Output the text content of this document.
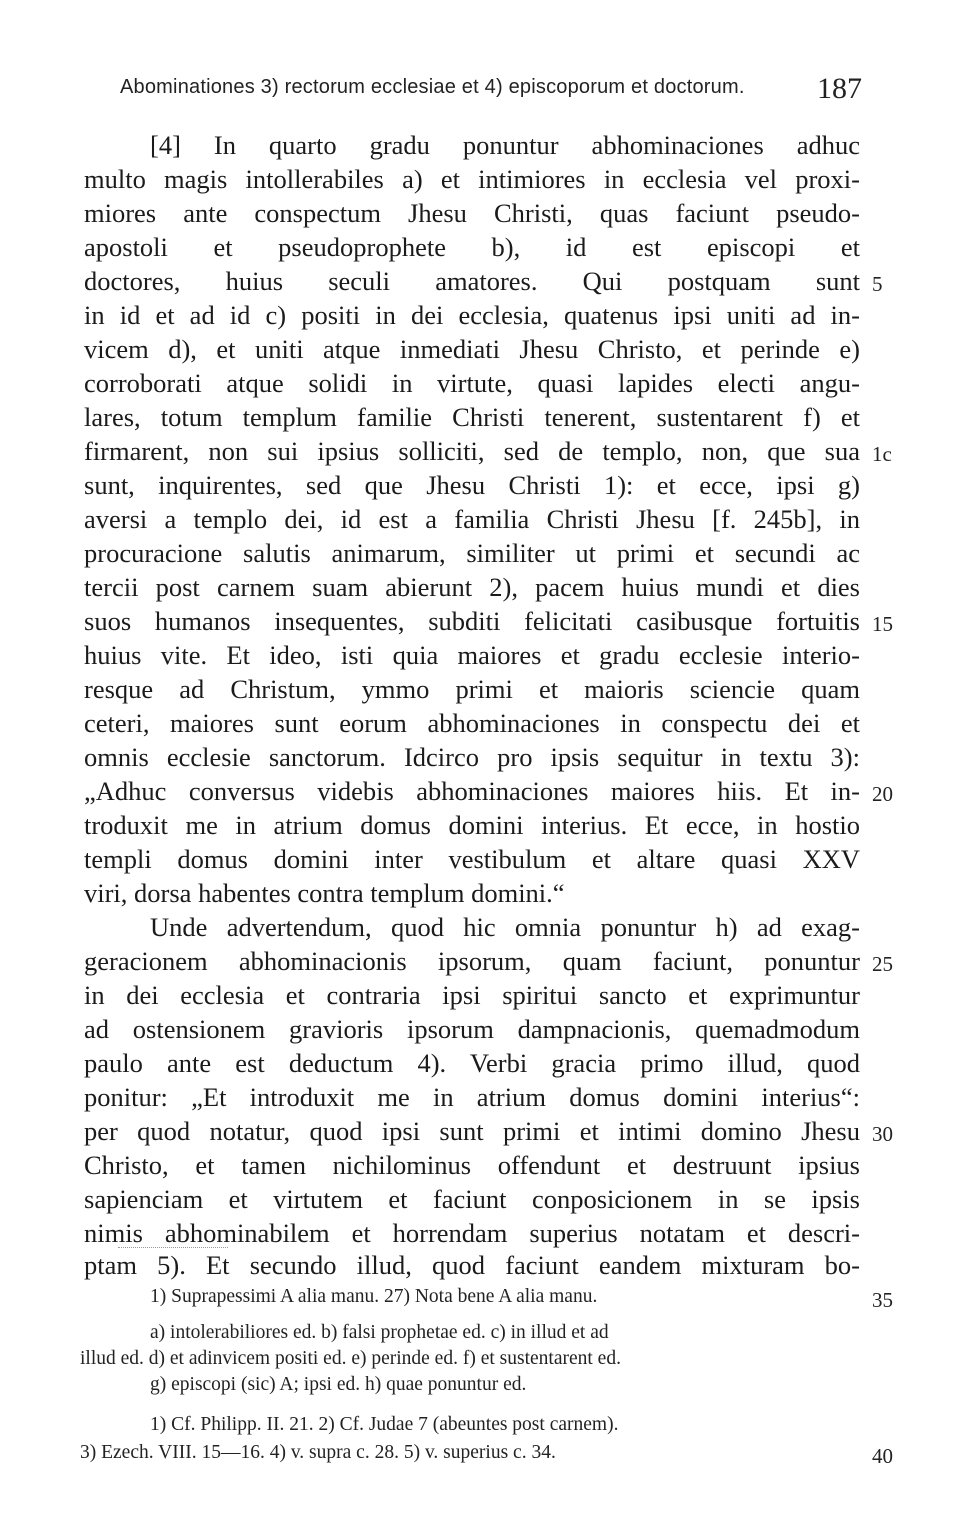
Abominationes 3) rectorum ecclesiae et 4) episcoporum et doctorum. 187
[4] In quarto gradu ponuntur abhominaciones adhuc
multo magis intollerabiles a) et intimiores in ecclesia vel proxi-
miores ante conspectum Jhesu Christi, quas faciunt pseudo-
apostoli et pseudoprophete b), id est episcopi et
doctores, huius seculi amatores. Qui postquam sunt
in id et ad id c) positi in dei ecclesia, quatenus ipsi uniti ad in-
vicem d), et uniti atque inmediati Jhesu Christo, et perinde e)
corroborati atque solidi in virtute, quasi lapides electi angu-
lares, totum templum familie Christi tenerent, sustentarent f) et
firmarent, non sui ipsius solliciti, sed de templo, non, que sua
sunt, inquirentes, sed que Jhesu Christi 1): et ecce, ipsi g)
aversi a templo dei, id est a familia Christi Jhesu [f. 245b], in
procuracione salutis animarum, similiter ut primi et secundi ac
tercii post carnem suam abierunt 2), pacem huius mundi et dies
suos humanos insequentes, subditi felicitati casibusque fortuitis
huius vite. Et ideo, isti quia maiores et gradu ecclesie interio-
resque ad Christum, ymmo primi et maioris sciencie quam
ceteri, maiores sunt eorum abhominaciones in conspectu dei et
omnis ecclesie sanctorum. Idcirco pro ipsis sequitur in textu 3):
„Adhuc conversus videbis abhominaciones maiores hiis. Et in-
troduxit me in atrium domus domini interius. Et ecce, in hostio
templi domus domini inter vestibulum et altare quasi XXV
viri, dorsa habentes contra templum domini.“
Unde advertendum, quod hic omnia ponuntur h) ad exag-
geracionem abhominacionis ipsorum, quam faciunt, ponuntur
in dei ecclesia et contraria ipsi spiritui sancto et exprimuntur
ad ostensionem gravioris ipsorum dampnacionis, quemadmodum
paulo ante est deductum 4). Verbi gracia primo illud, quod
ponitur: „Et introduxit me in atrium domus domini interius“:
per quod notatur, quod ipsi sunt primi et intimi domino Jhesu
Christo, et tamen nichilominus offendunt et destruunt ipsius
sapienciam et virtutem et faciunt conposicionem in se ipsis
nimis abhominabilem et horrendam superius notatam et descri-
ptam 5). Et secundo illud, quod faciunt eandem mixturam bo-
5
1c
15
20
25
30
1) Suprapessimi A alia manu. 27) Nota bene A alia manu.	35
a) intolerabiliores ed. b) falsi prophetae ed. c) in illud et ad
illud ed. d) et adinvicem positi ed. e) perinde ed. f) et sustentarent ed.
g) episcopi (sic) A; ipsi ed. h) quae ponuntur ed.
1) Cf. Philipp. II. 21. 2) Cf. Judae 7 (abeuntes post carnem).
3) Ezech. VIII. 15—16. 4) v. supra c. 28. 5) v. superius c. 34.	40
